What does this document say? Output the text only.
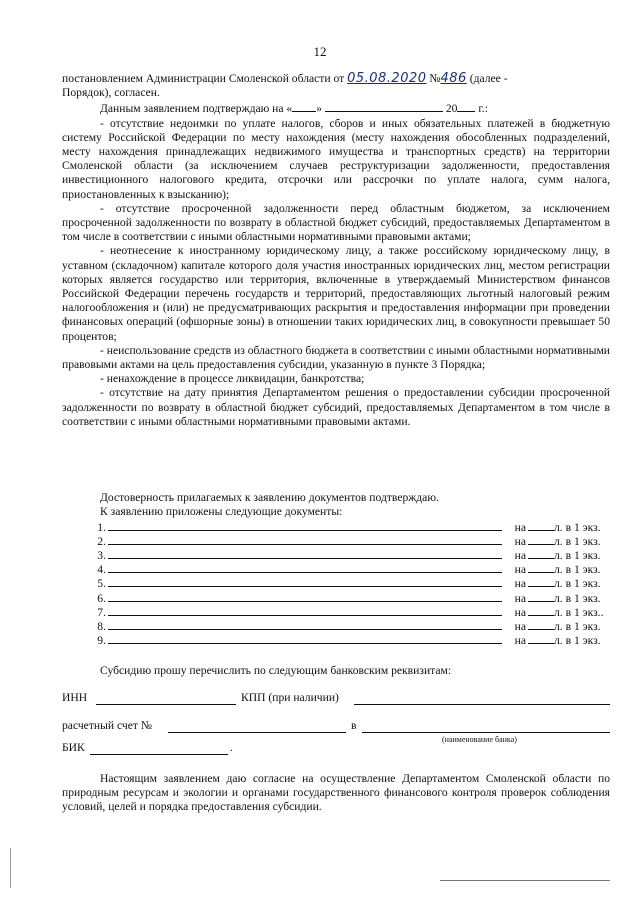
12
постановлением Администрации Смоленской области от 05.08.2020 №486 (далее -
Порядок), согласен.
Данным заявлением подтверждаю на « »	20 г.:
- отсутствие недоимки по уплате налогов, сборов и иных обязательных платежей в бюджетную систему Российской Федерации по месту нахождения (месту нахождения обособленных подразделений, месту нахождения принадлежащих недвижимого имущества и транспортных средств) на территории Смоленской области (за исключением случаев реструктуризации задолженности, предоставления инвестиционного налогового кредита, отсрочки или рассрочки по уплате налога, сумм налога, приостановленных к взысканию);
- отсутствие просроченной задолженности перед областным бюджетом, за исключением просроченной задолженности по возврату в областной бюджет субсидий, предоставляемых Департаментом в том числе в соответствии с иными областными нормативными правовыми актами;
- неотнесение к иностранному юридическому лицу, а также российскому юридическому лицу, в уставном (складочном) капитале которого доля участия иностранных юридических лиц, местом регистрации которых является государство или территория, включенные в утверждаемый Министерством финансов Российской Федерации перечень государств и территорий, предоставляющих льготный налоговый режим налогообложения и (или) не предусматривающих раскрытия и предоставления информации при проведении финансовых операций (офшорные зоны) в отношении таких юридических лиц, в совокупности превышает 50 процентов;
- неиспользование средств из областного бюджета в соответствии с иными областными нормативными правовыми актами на цель предоставления субсидии, указанную в пункте 3 Порядка;
- ненахождение в процессе ликвидации, банкротства;
- отсутствие на дату принятия Департаментом решения о предоставлении субсидии просроченной задолженности по возврату в областной бюджет субсидий, предоставляемых Департаментом в том числе в соответствии с иными областными нормативными правовыми актами.
Достоверность прилагаемых к заявлению документов подтверждаю.
К заявлению приложены следующие документы:
1.	на л. в 1 экз.
2.	на л. в 1 экз.
3.	на л. в 1 экз.
4.	на л. в 1 экз.
5.	на л. в 1 экз.
6.	на л. в 1 экз.
7.	на л. в 1 экз..
8.	на л. в 1 экз.
9.	на л. в 1 экз.
Субсидию прошу перечислить по следующим банковским реквизитам:
ИНН	КПП (при наличии)
расчетный счет №	в
(наименование банка)
БИК	.
Настоящим заявлением даю согласие на осуществление Департаментом Смоленской области по природным ресурсам и экологии и органами государственного финансового контроля проверок соблюдения условий, целей и порядка предоставления субсидии.
